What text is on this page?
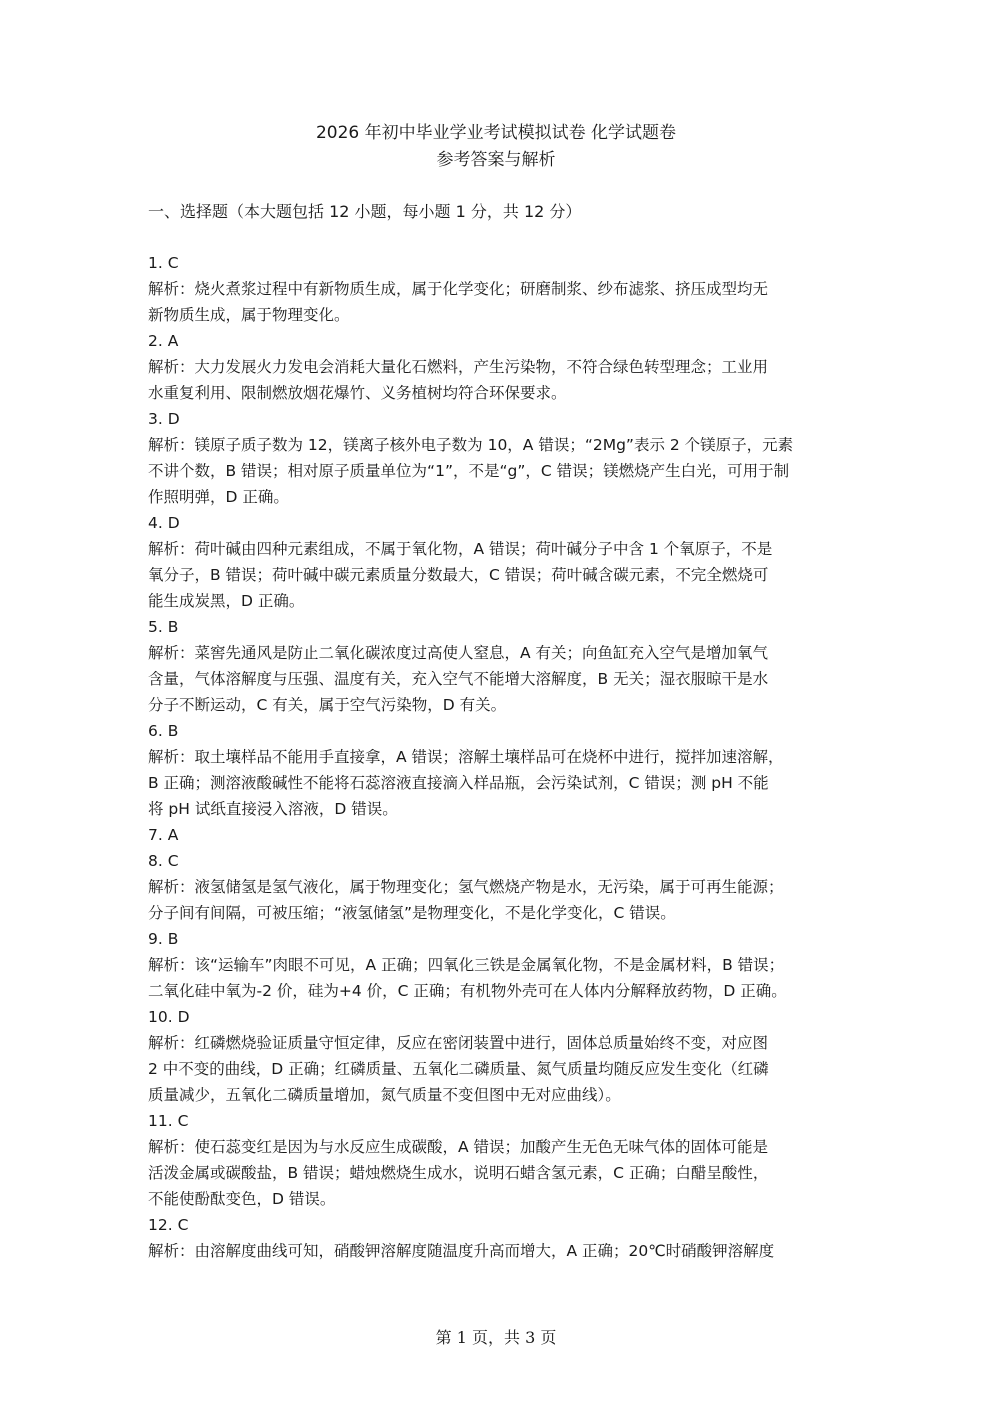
2026 年初中毕业学业考试模拟试卷 化学试题卷
参考答案与解析
一、选择题（本大题包括 12 小题，每小题 1 分，共 12 分）
1. C
解析：烧火煮浆过程中有新物质生成，属于化学变化；研磨制浆、纱布滤浆、挤压成型均无
新物质生成，属于物理变化。
2. A
解析：大力发展火力发电会消耗大量化石燃料，产生污染物，不符合绿色转型理念；工业用
水重复利用、限制燃放烟花爆竹、义务植树均符合环保要求。
3. D
解析：镁原子质子数为 12，镁离子核外电子数为 10，A 错误；“2Mg”表示 2 个镁原子，元素
不讲个数，B 错误；相对原子质量单位为“1”，不是“g”，C 错误；镁燃烧产生白光，可用于制
作照明弹，D 正确。
4. D
解析：荷叶碱由四种元素组成，不属于氧化物，A 错误；荷叶碱分子中含 1 个氧原子，不是
氧分子，B 错误；荷叶碱中碳元素质量分数最大，C 错误；荷叶碱含碳元素，不完全燃烧可
能生成炭黑，D 正确。
5. B
解析：菜窖先通风是防止二氧化碳浓度过高使人窒息，A 有关；向鱼缸充入空气是增加氧气
含量，气体溶解度与压强、温度有关，充入空气不能增大溶解度，B 无关；湿衣服晾干是水
分子不断运动，C 有关，属于空气污染物，D 有关。
6. B
解析：取土壤样品不能用手直接拿，A 错误；溶解土壤样品可在烧杯中进行，搅拌加速溶解，
B 正确；测溶液酸碱性不能将石蕊溶液直接滴入样品瓶，会污染试剂，C 错误；测 pH 不能
将 pH 试纸直接浸入溶液，D 错误。
7. A
8. C
解析：液氢储氢是氢气液化，属于物理变化；氢气燃烧产物是水，无污染，属于可再生能源；
分子间有间隔，可被压缩；“液氢储氢”是物理变化，不是化学变化，C 错误。
9. B
解析：该“运输车”肉眼不可见，A 正确；四氧化三铁是金属氧化物，不是金属材料，B 错误；
二氧化硅中氧为-2 价，硅为+4 价，C 正确；有机物外壳可在人体内分解释放药物，D 正确。
10. D
解析：红磷燃烧验证质量守恒定律，反应在密闭装置中进行，固体总质量始终不变，对应图
2 中不变的曲线，D 正确；红磷质量、五氧化二磷质量、氮气质量均随反应发生变化（红磷
质量减少，五氧化二磷质量增加，氮气质量不变但图中无对应曲线）。
11. C
解析：使石蕊变红是因为与水反应生成碳酸，A 错误；加酸产生无色无味气体的固体可能是
活泼金属或碳酸盐，B 错误；蜡烛燃烧生成水，说明石蜡含氢元素，C 正确；白醋呈酸性，
不能使酚酞变色，D 错误。
12. C
解析：由溶解度曲线可知，硝酸钾溶解度随温度升高而增大，A 正确；20℃时硝酸钾溶解度
第 1 页，共 3 页
